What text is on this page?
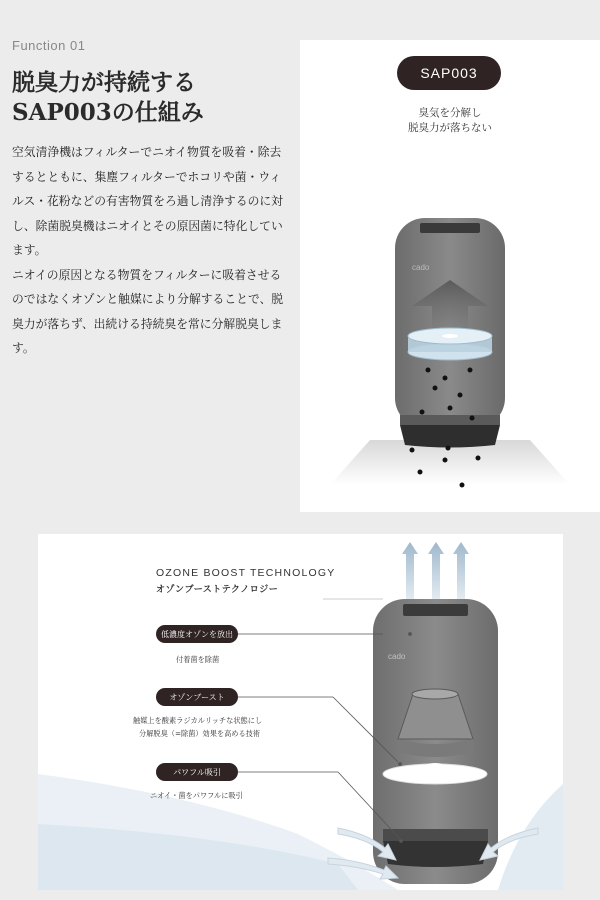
Function 01
脱臭力が持続する
SAP003の仕組み

空気清浄機はフィルターでニオイ物質を吸着・除去するとともに、集塵フィルターでホコリや菌・ウィルス・花粉などの有害物質をろ過し清浄するのに対し、除菌脱臭機はニオイとその原因菌に特化しています。

ニオイの原因となる物質をフィルターに吸着させるのではなくオゾンと触媒により分解することで、脱臭力が落ちず、出続ける持続臭を常に分解脱臭します。

SAP003
臭気を分解し
脱臭力が落ちない
cado
cado
OZONE BOOST TECHNOLOGY
オゾンブーストテクノロジー
低濃度オゾンを放出
付着菌を除菌
オゾンブースト
触媒上を酸素ラジカルリッチな状態にし
分解脱臭（=除菌）効果を高める技術
パワフル吸引
ニオイ・菌をパワフルに吸引
